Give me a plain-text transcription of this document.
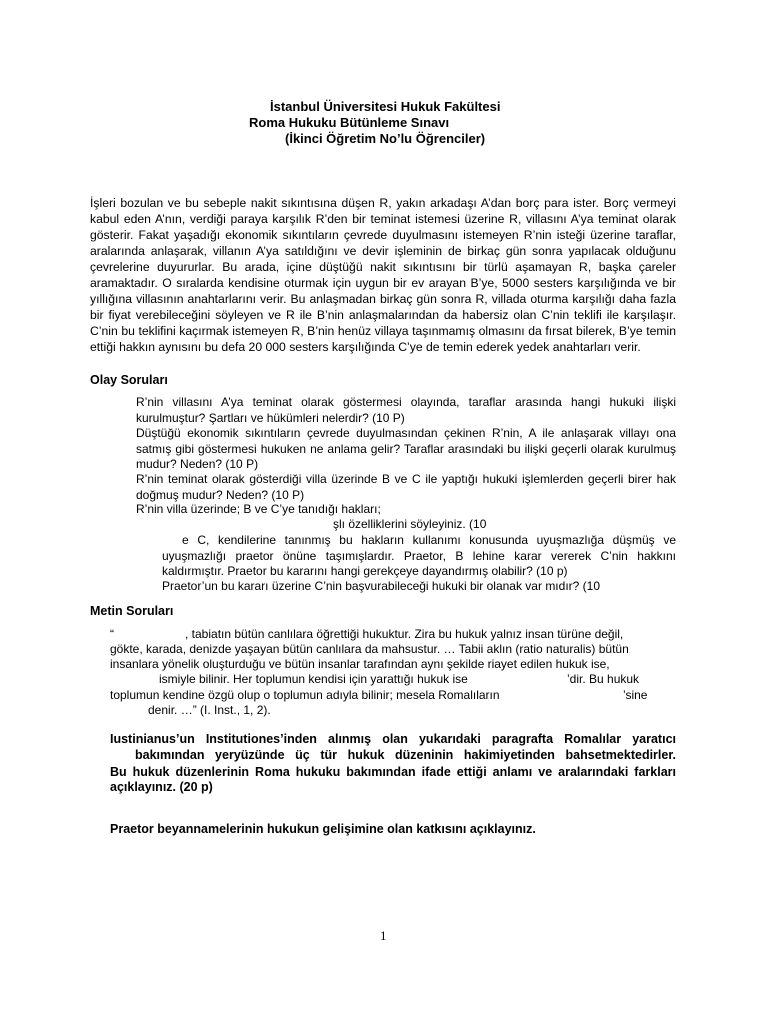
İstanbul Üniversitesi Hukuk Fakültesi
Roma Hukuku Bütünleme Sınavı
(İkinci Öğretim No’lu Öğrenciler)

İşleri bozulan ve bu sebeple nakit sıkıntısına düşen R, yakın arkadaşı A’dan borç para ister. Borç vermeyi kabul eden A’nın, verdiği paraya karşılık R’den bir teminat istemesi üzerine R, villasını A’ya teminat olarak gösterir. Fakat yaşadığı ekonomik sıkıntıların çevrede duyulmasını istemeyen R’nin isteği üzerine taraflar, aralarında anlaşarak, villanın A’ya satıldığını ve devir işleminin de birkaç gün sonra yapılacak olduğunu çevrelerine duyururlar. Bu arada, içine düştüğü nakit sıkıntısını bir türlü aşamayan R, başka çareler aramaktadır. O sıralarda kendisine oturmak için uygun bir ev arayan B’ye, 5000 sesters karşılığında ve bir yıllığına villasının anahtarlarını verir. Bu anlaşmadan birkaç gün sonra R, villada oturma karşılığı daha fazla bir fiyat verebileceğini söyleyen ve R ile B’nin anlaşmalarından da habersiz olan C’nin teklifi ile karşılaşır. C’nin bu teklifini kaçırmak istemeyen R, B’nin henüz villaya taşınmamış olmasını da fırsat bilerek, B’ye temin ettiği hakkın aynısını bu defa 20 000 sesters karşılığında C’ye de temin ederek yedek anahtarları verir.

Olay Soruları

R’nin villasını A’ya teminat olarak göstermesi olayında, taraflar arasında hangi hukuki ilişki kurulmuştur? Şartları ve hükümleri nelerdir? (10 P)

Düştüğü ekonomik sıkıntıların çevrede duyulmasından çekinen R’nin, A ile anlaşarak villayı ona satmış gibi göstermesi hukuken ne anlama gelir? Taraflar arasındaki bu ilişki geçerli olarak kurulmuş mudur? Neden? (10 P)

R’nin teminat olarak gösterdiği villa üzerinde B ve C ile yaptığı hukuki işlemlerden geçerli birer hak doğmuş mudur? Neden? (10 P)

R’nin villa üzerinde; B ve C’ye tanıdığı hakları;

şlı özelliklerini söyleyiniz. (10

e C, kendilerine tanınmış bu hakların kullanımı konusunda uyuşmazlığa düşmüş ve

uyuşmazlığı praetor önüne taşımışlardır. Praetor, B lehine karar vererek C’nin hakkını

kaldırmıştır. Praetor bu kararını hangi gerekçeye dayandırmış olabilir? (10 p)

Praetor’un bu kararı üzerine C’nin başvurabileceği hukuki bir olanak var mıdır? (10

Metin Soruları

“	, tabiatın bütün canlılara öğrettiği hukuktur. Zira bu hukuk yalnız insan türüne değil,

gökte, karada, denizde yaşayan bütün canlılara da mahsustur. … Tabii aklın (ratio naturalis) bütün

insanlara yönelik oluşturduğu ve bütün insanlar tarafından aynı şekilde riayet edilen hukuk ise,

ismiyle bilinir. Her toplumun kendisi için yarattığı hukuk ise	’dir. Bu hukuk

toplumun kendine özgü olup o toplumun adıyla bilinir; mesela Romalıların	’sine

denir. …” (I. Inst., 1, 2).

Iustinianus’un Institutiones’inden alınmış olan yukarıdaki paragrafta Romalılar yaratıcı

bakımından yeryüzünde üç tür hukuk düzeninin hakimiyetinden bahsetmektedirler.

Bu hukuk düzenlerinin Roma hukuku bakımından ifade ettiği anlamı ve aralarındaki farkları

açıklayınız. (20 p)

Praetor beyannamelerinin hukukun gelişimine olan katkısını açıklayınız.

1
